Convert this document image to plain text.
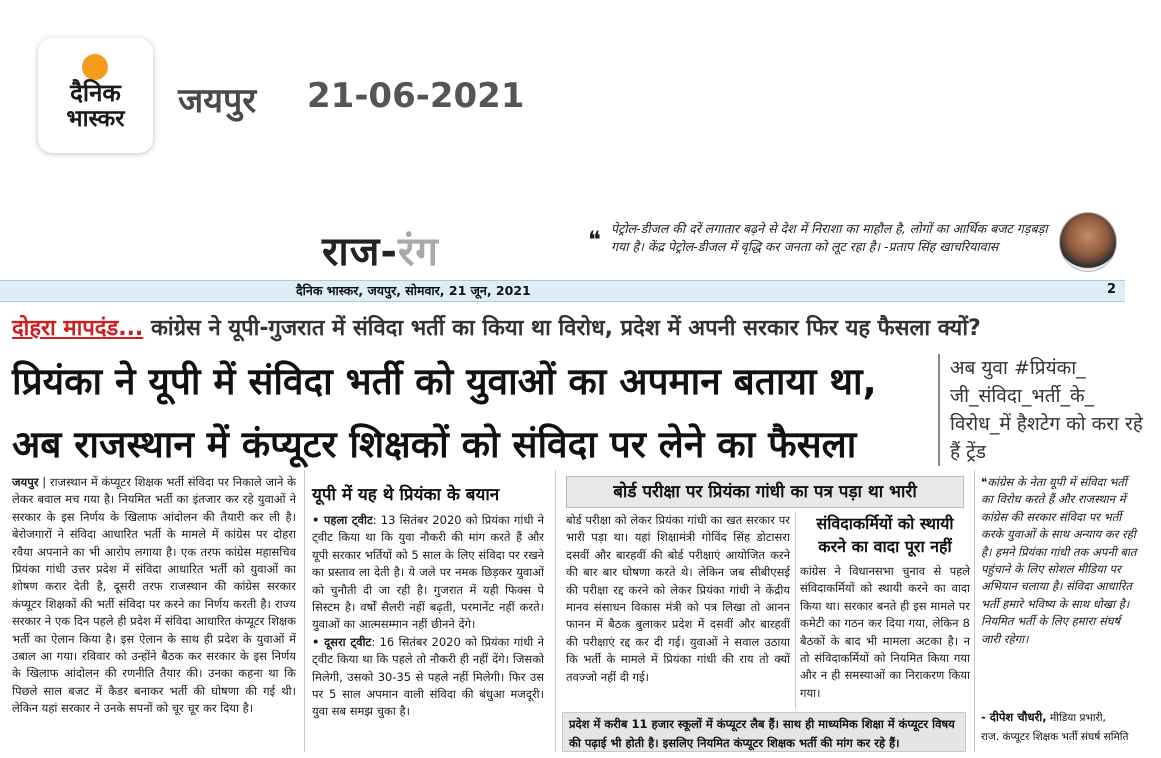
दैनिक
भास्कर	जयपुर 21-06-2021
राज-रंग	❝ पेट्रोल-डीजल की दरें लगातार बढ़ने से देश में निराशा का माहौल है, लोगों का आर्थिक बजट गड़बड़ा गया है। केंद्र पेट्रोल-डीजल में वृद्धि कर जनता को लूट रहा है। -प्रताप सिंह खाचरियावास
दैनिक भास्कर, जयपुर, सोमवार, 21 जून, 2021	2
दोहरा मापदंड... कांग्रेस ने यूपी-गुजरात में संविदा भर्ती का किया था विरोध, प्रदेश में अपनी सरकार फिर यह फैसला क्यों?
प्रियंका ने यूपी में संविदा भर्ती को युवाओं का अपमान बताया था,
अब राजस्थान में कंप्यूटर शिक्षकों को संविदा पर लेने का फैसला
अब युवा #प्रियंका_ जी_संविदा_भर्ती_के_ विरोध_में हैशटेग को करा रहे हैं ट्रेंड
जयपुर | राजस्थान में कंप्यूटर शिक्षक भर्ती संविदा पर निकाले जाने के लेकर बवाल मच गया है। नियमित भर्ती का इंतजार कर रहे युवाओं ने सरकार के इस निर्णय के खिलाफ आंदोलन की तैयारी कर ली है। बेरोजगारों ने संविदा आधारित भर्ती के मामले में कांग्रेस पर दोहरा रवैया अपनाने का भी आरोप लगाया है। एक तरफ कांग्रेस महासचिव प्रियंका गांधी उत्तर प्रदेश में संविदा आधारित भर्ती को युवाओं का शोषण करार देती है, दूसरी तरफ राजस्थान की कांग्रेस सरकार कंप्यूटर शिक्षकों की भर्ती संविदा पर करने का निर्णय करती है। राज्य सरकार ने एक दिन पहले ही प्रदेश में संविदा आधारित कंप्यूटर शिक्षक भर्ती का ऐलान किया है। इस ऐलान के साथ ही प्रदेश के युवाओं में उबाल आ गया। रविवार को उन्होंने बैठक कर सरकार के इस निर्णय के खिलाफ आंदोलन की रणनीति तैयार की। उनका कहना था कि पिछले साल बजट में कैडर बनाकर भर्ती की घोषणा की गई थी। लेकिन यहां सरकार ने उनके सपनों को चूर चूर कर दिया है।
यूपी में यह थे प्रियंका के बयान
• पहला ट्वीट: 13 सितंबर 2020 को प्रियंका गांधी ने ट्वीट किया था कि युवा नौकरी की मांग करते हैं और यूपी सरकार भर्तियों को 5 साल के लिए संविदा पर रखने का प्रस्ताव ला देती है। ये जले पर नमक छिड़कर युवाओं को चुनौती दी जा रही है। गुजरात में यही फिक्स पे सिस्टम है। वर्षों सैलरी नहीं बढ़ती, परमानेंट नहीं करते। युवाओं का आत्मसम्मान नहीं छीनने देंगे।
• दूसरा ट्वीट: 16 सितंबर 2020 को प्रियंका गांधी ने ट्वीट किया था कि पहले तो नौकरी ही नहीं देंगे। जिसको मिलेगी, उसको 30-35 से पहले नहीं मिलेगी। फिर उस पर 5 साल अपमान वाली संविदा की बंधुआ मजदूरी। युवा सब समझ चुका है।
बोर्ड परीक्षा पर प्रियंका गांधी का पत्र पड़ा था भारी
बोर्ड परीक्षा को लेकर प्रियंका गांधी का खत सरकार पर भारी पड़ा था। यहां शिक्षामंत्री गोविंद सिंह डोटासरा दसवीं और बारहवीं की बोर्ड परीक्षाएं आयोजित करने की बार बार घोषणा करते थे। लेकिन जब सीबीएसई की परीक्षा रद्द करने को लेकर प्रियंका गांधी ने केंद्रीय मानव संसाधन विकास मंत्री को पत्र लिखा तो आनन फानन में बैठक बुलाकर प्रदेश में दसवीं और बारहवीं की परीक्षाएं रद्द कर दी गई। युवाओं ने सवाल उठाया कि भर्ती के मामले में प्रियंका गांधी की राय तो क्यों तवज्जो नहीं दी गई।
संविदाकर्मियों को स्थायी करने का वादा पूरा नहीं
कांग्रेस ने विधानसभा चुनाव से पहले संविदाकर्मियों को स्थायी करने का वादा किया था। सरकार बनते ही इस मामले पर कमेटी का गठन कर दिया गया, लेकिन 8 बैठकों के बाद भी मामला अटका है। न तो संविदाकर्मियों को नियमित किया गया और न ही समस्याओं का निराकरण किया गया।
प्रदेश में करीब 11 हजार स्कूलों में कंप्यूटर लैब हैं। साथ ही माध्यमिक शिक्षा में कंप्यूटर विषय की पढ़ाई भी होती है। इसलिए नियमित कंप्यूटर शिक्षक भर्ती की मांग कर रहे हैं।
❝कांग्रेस के नेता यूपी में संविदा भर्ती का विरोध करते हैं और राजस्थान में कांग्रेस की सरकार संविदा पर भर्ती करके युवाओं के साथ अन्याय कर रही है। हमने प्रियंका गांधी तक अपनी बात पहुंचाने के लिए सोशल मीडिया पर अभियान चलाया है। संविदा आधारित भर्ती हमारे भविष्य के साथ धोखा है। नियमित भर्ती के लिए हमारा संघर्ष जारी रहेगा।
- दीपेश चौधरी, मीडिया प्रभारी,
राज. कंप्यूटर शिक्षक भर्ती संघर्ष समिति
